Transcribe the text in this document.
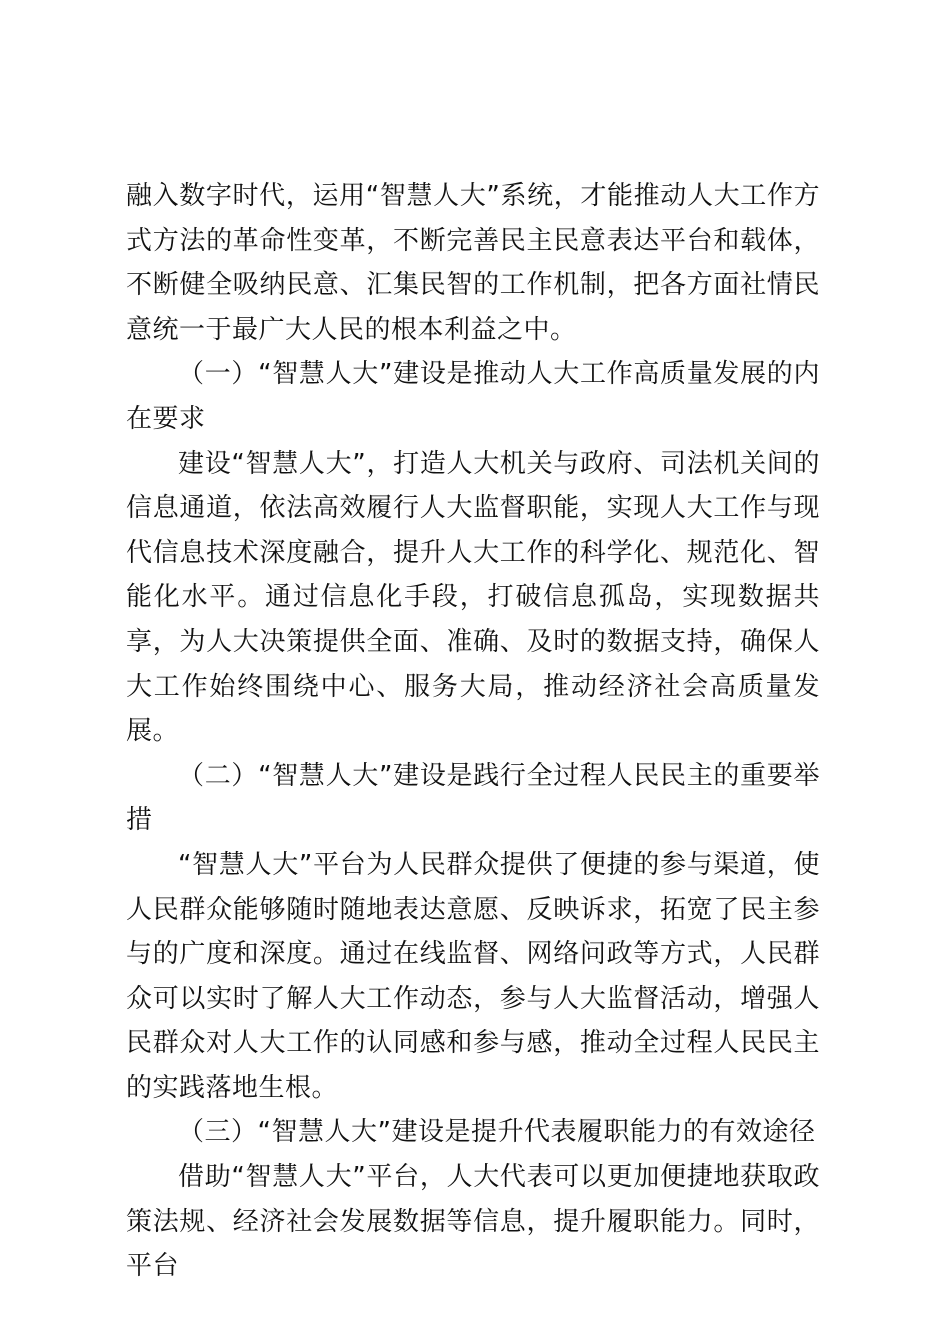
融入数字时代，运用“智慧人大”系统，才能推动人大工作方式方法的革命性变革，不断完善民主民意表达平台和载体，不断健全吸纳民意、汇集民智的工作机制，把各方面社情民意统一于最广大人民的根本利益之中。

（一）“智慧人大”建设是推动人大工作高质量发展的内在要求

建设“智慧人大”，打造人大机关与政府、司法机关间的信息通道，依法高效履行人大监督职能，实现人大工作与现代信息技术深度融合，提升人大工作的科学化、规范化、智能化水平。通过信息化手段，打破信息孤岛，实现数据共享，为人大决策提供全面、准确、及时的数据支持，确保人大工作始终围绕中心、服务大局，推动经济社会高质量发展。

（二）“智慧人大”建设是践行全过程人民民主的重要举措

“智慧人大”平台为人民群众提供了便捷的参与渠道，使人民群众能够随时随地表达意愿、反映诉求，拓宽了民主参与的广度和深度。通过在线监督、网络问政等方式，人民群众可以实时了解人大工作动态，参与人大监督活动，增强人民群众对人大工作的认同感和参与感，推动全过程人民民主的实践落地生根。

（三）“智慧人大”建设是提升代表履职能力的有效途径

借助“智慧人大”平台，人大代表可以更加便捷地获取政策法规、经济社会发展数据等信息，提升履职能力。同时，平台
